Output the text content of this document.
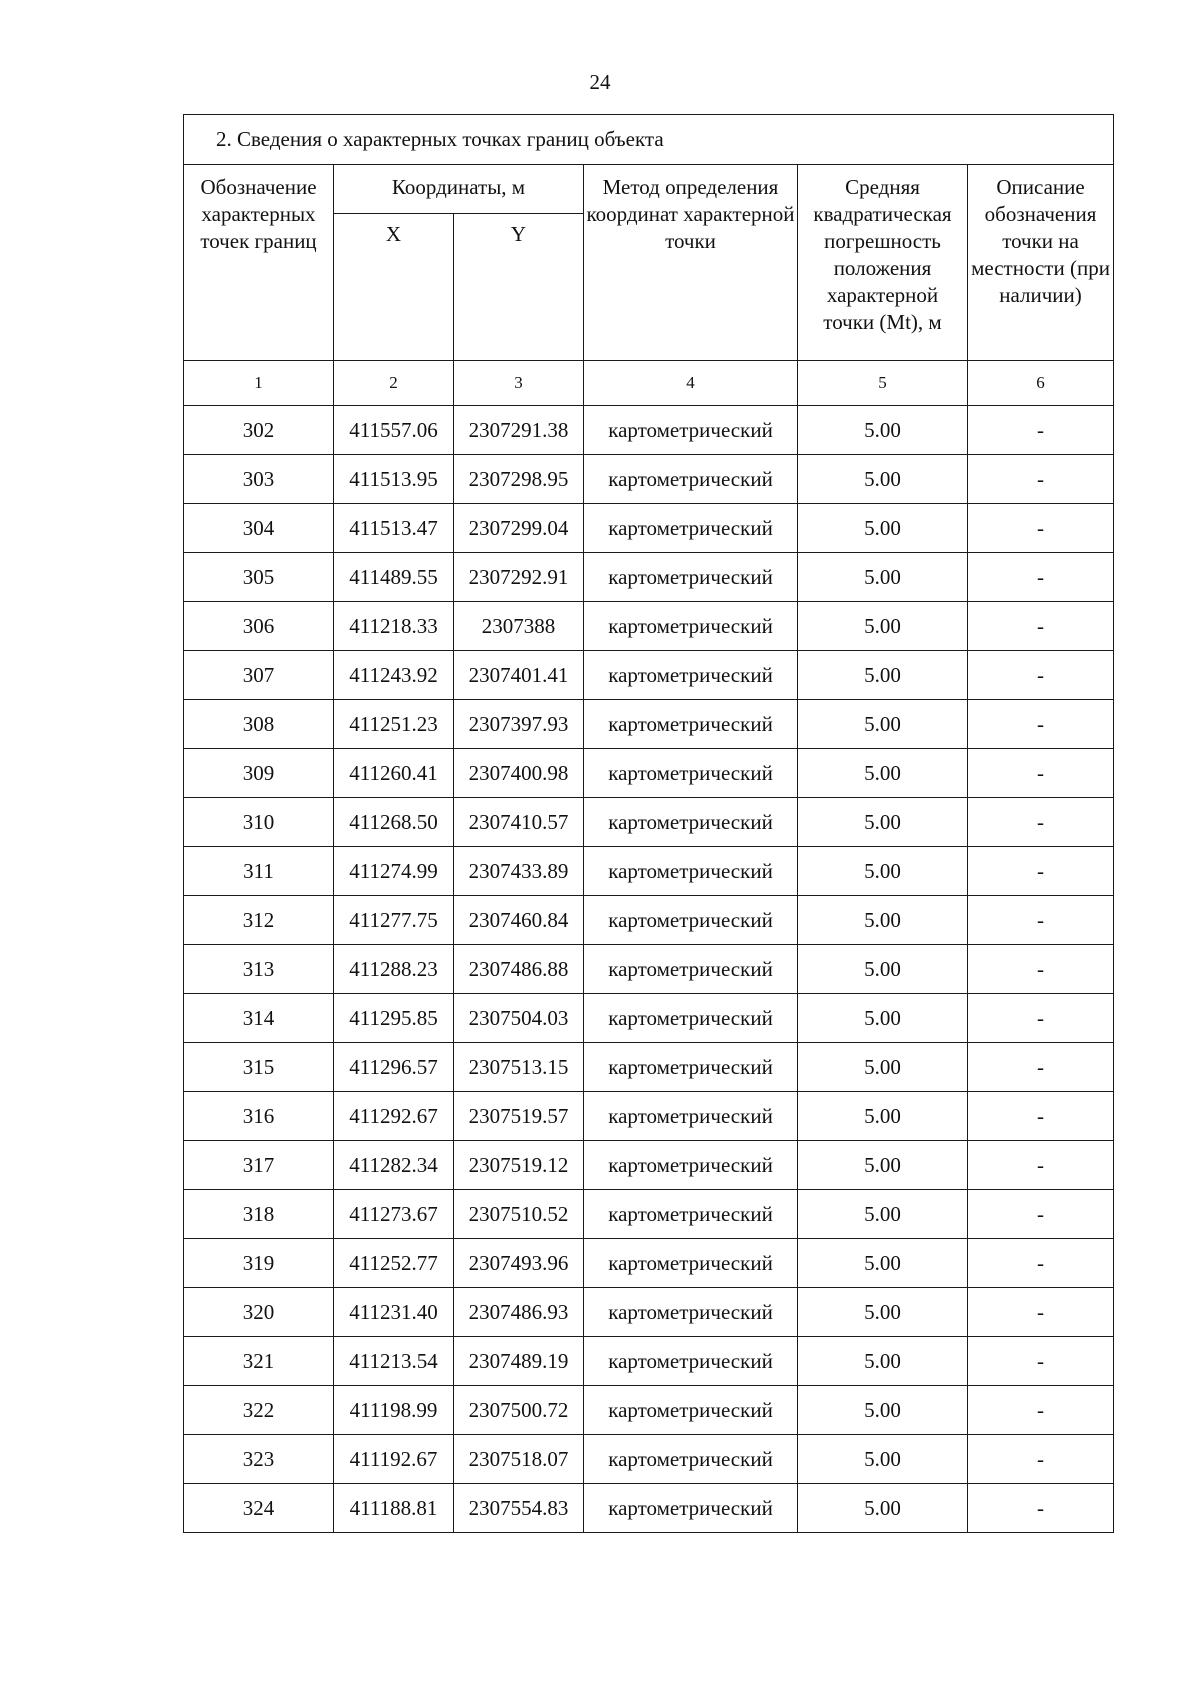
24
2. Сведения о характерных точках границ объекта					
Обозначение характерных точек границ	Координаты, м		Метод определения координат характерной точки	Средняя квадратическая погрешность положения характерной точки (Mt), м	Описание обозначения точки на местности (при наличии)
	X	Y			
1	2	3	4	5	6
302	411557.06	2307291.38	картометрический	5.00	-
303	411513.95	2307298.95	картометрический	5.00	-
304	411513.47	2307299.04	картометрический	5.00	-
305	411489.55	2307292.91	картометрический	5.00	-
306	411218.33	2307388	картометрический	5.00	-
307	411243.92	2307401.41	картометрический	5.00	-
308	411251.23	2307397.93	картометрический	5.00	-
309	411260.41	2307400.98	картометрический	5.00	-
310	411268.50	2307410.57	картометрический	5.00	-
311	411274.99	2307433.89	картометрический	5.00	-
312	411277.75	2307460.84	картометрический	5.00	-
313	411288.23	2307486.88	картометрический	5.00	-
314	411295.85	2307504.03	картометрический	5.00	-
315	411296.57	2307513.15	картометрический	5.00	-
316	411292.67	2307519.57	картометрический	5.00	-
317	411282.34	2307519.12	картометрический	5.00	-
318	411273.67	2307510.52	картометрический	5.00	-
319	411252.77	2307493.96	картометрический	5.00	-
320	411231.40	2307486.93	картометрический	5.00	-
321	411213.54	2307489.19	картометрический	5.00	-
322	411198.99	2307500.72	картометрический	5.00	-
323	411192.67	2307518.07	картометрический	5.00	-
324	411188.81	2307554.83	картометрический	5.00	-
